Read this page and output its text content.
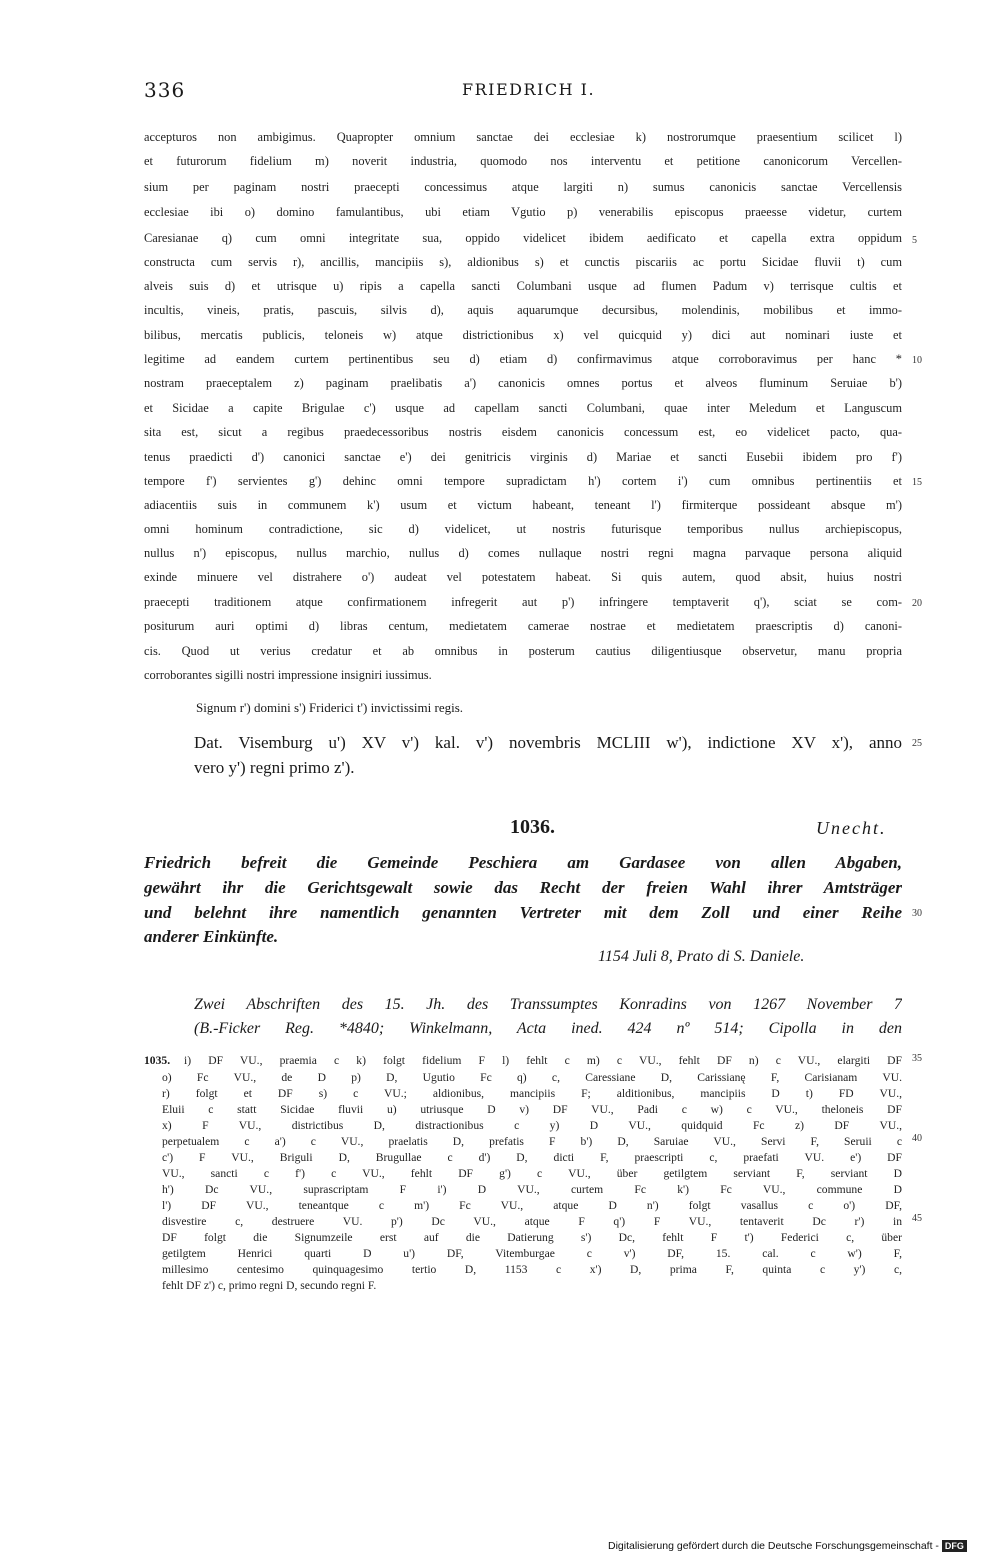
336	FRIEDRICH I.
accepturos non ambigimus. Quapropter omnium sanctae dei ecclesiae k) nostrorumque praesentium scilicet l)
et futurorum fidelium m) noverit industria, quomodo nos interventu et petitione canonicorum Vercellen-
sium per paginam nostri praecepti concessimus atque largiti n) sumus canonicis sanctae Vercellensis
ecclesiae ibi o) domino famulantibus, ubi etiam Vgutio p) venerabilis episcopus praeesse videtur, curtem
Caresianae q) cum omni integritate sua, oppido videlicet ibidem aedificato et capella extra oppidum
constructa cum servis r), ancillis, mancipiis s), aldionibus s) et cunctis piscariis ac portu Sicidae fluvii t) cum
alveis suis d) et utrisque u) ripis a capella sancti Columbani usque ad flumen Padum v) terrisque cultis et
incultis, vineis, pratis, pascuis, silvis d), aquis aquarumque decursibus, molendinis, mobilibus et immo-
bilibus, mercatis publicis, teloneis w) atque districtionibus x) vel quicquid y) dici aut nominari iuste et
legitime ad eandem curtem pertinentibus seu d) etiam d) confirmavimus atque corroboravimus per hanc *
nostram praeceptalem z) paginam praelibatis a') canonicis omnes portus et alveos fluminum Seruiae b')
et Sicidae a capite Brigulae c') usque ad capellam sancti Columbani, quae inter Meledum et Languscum
sita est, sicut a regibus praedecessoribus nostris eisdem canonicis concessum est, eo videlicet pacto, qua-
tenus praedicti d') canonici sanctae e') dei genitricis virginis d) Mariae et sancti Eusebii ibidem pro f')
tempore f') servientes g') dehinc omni tempore supradictam h') cortem i') cum omnibus pertinentiis et
adiacentiis suis in communem k') usum et victum habeant, teneant l') firmiterque possideant absque m')
omni hominum contradictione, sic d) videlicet, ut nostris futurisque temporibus nullus archiepiscopus,
nullus n') episcopus, nullus marchio, nullus d) comes nullaque nostri regni magna parvaque persona aliquid
exinde minuere vel distrahere o') audeat vel potestatem habeat. Si quis autem, quod absit, huius nostri
praecepti traditionem atque confirmationem infregerit aut p') infringere temptaverit q'), sciat se com-
positurum auri optimi d) libras centum, medietatem camerae nostrae et medietatem praescriptis d) canoni-
cis. Quod ut verius credatur et ab omnibus in posterum cautius diligentiusque observetur, manu propria
corroborantes sigilli nostri impressione insigniri iussimus.
5
10
15
20
Signum r') domini s') Friderici t') invictissimi regis.
Dat. Visemburg u') XV v') kal. v') novembris MCLIII w'), indictione XV x'), anno
vero y') regni primo z').
25
1036.	Unecht.
Friedrich befreit die Gemeinde Peschiera am Gardasee von allen Abgaben,
gewährt ihr die Gerichtsgewalt sowie das Recht der freien Wahl ihrer Amtsträger
und belehnt ihre namentlich genannten Vertreter mit dem Zoll und einer Reihe
anderer Einkünfte.
30
1154 Juli 8, Prato di S. Daniele.
Zwei Abschriften des 15. Jh. des Transsumptes Konradins von 1267 November 7
(B.-Ficker Reg. *4840; Winkelmann, Acta ined. 424 nº 514; Cipolla in den
1035. i) DF VU., praemia c k) folgt fidelium F l) fehlt c m) c VU., fehlt DF n) c VU., elargiti DF
o) Fc VU., de D p) D, Ugutio Fc q) c, Caressiane D, Carissianę F, Carisianam VU.
r) folgt et DF s) c VU.; aldionibus, mancipiis F; alditionibus, mancipiis D t) FD VU.,
Eluii c statt Sicidae fluvii u) utriusque D v) DF VU., Padi c w) c VU., theloneis DF
x) F VU., districtibus D, distractionibus c y) D VU., quidquid Fc z) DF VU.,
perpetualem c a') c VU., praelatis D, prefatis F b') D, Saruiae VU., Servi F, Seruii c
c') F VU., Briguli D, Brugullae c d') D, dicti F, praescripti c, praefati VU. e') DF
VU., sancti c f') c VU., fehlt DF g') c VU., über getilgtem serviant F, serviant D
h') Dc VU., suprascriptam F i') D VU., curtem Fc k') Fc VU., commune D
l') DF VU., teneantque c m') Fc VU., atque D n') folgt vasallus c o') DF,
disvestire c, destruere VU. p') Dc VU., atque F q') F VU., tentaverit Dc r') in
DF folgt die Signumzeile erst auf die Datierung s') Dc, fehlt F t') Federici c, über
getilgtem Henrici quarti D u') DF, Vitemburgae c v') DF, 15. cal. c w') F,
millesimo centesimo quinquagesimo tertio D, 1153 c x') D, prima F, quinta c y') c,
fehlt DF z') c, primo regni D, secundo regni F.
35
40
45
Digitalisierung gefördert durch die Deutsche Forschungsgemeinschaft - DFG
